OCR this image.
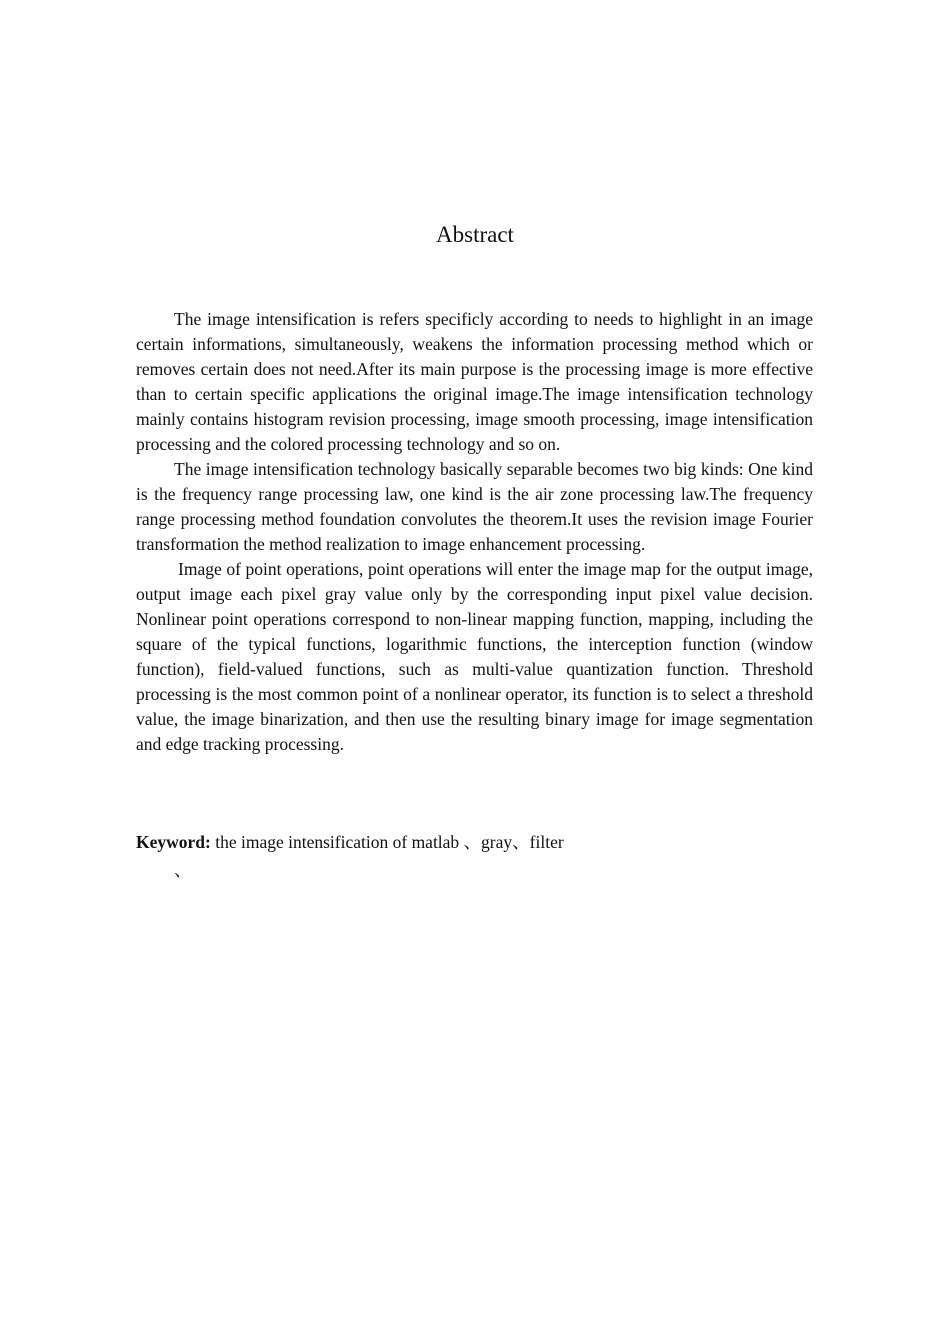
Abstract

The image intensification is refers specificly according to needs to highlight in an image certain informations, simultaneously, weakens the information processing method which or removes certain does not need.After its main purpose is the processing image is more effective than to certain specific applications the original image.The image intensification technology mainly contains histogram revision processing, image smooth processing, image intensification processing and the colored processing technology and so on.

The image intensification technology basically separable becomes two big kinds: One kind is the frequency range processing law, one kind is the air zone processing law.The frequency range processing method foundation convolutes the theorem.It uses the revision image Fourier transformation the method realization to image enhancement processing.

Image of point operations, point operations will enter the image map for the output image, output image each pixel gray value only by the corresponding input pixel value decision. Nonlinear point operations correspond to non-linear mapping function, mapping, including the square of the typical functions, logarithmic functions, the interception function (window function), field-valued functions, such as multi-value quantization function. Threshold processing is the most common point of a nonlinear operator, its function is to select a threshold value, the image binarization, and then use the resulting binary image for image segmentation and edge tracking processing.

Keyword: the image intensification of matlab 、gray、filter

、
